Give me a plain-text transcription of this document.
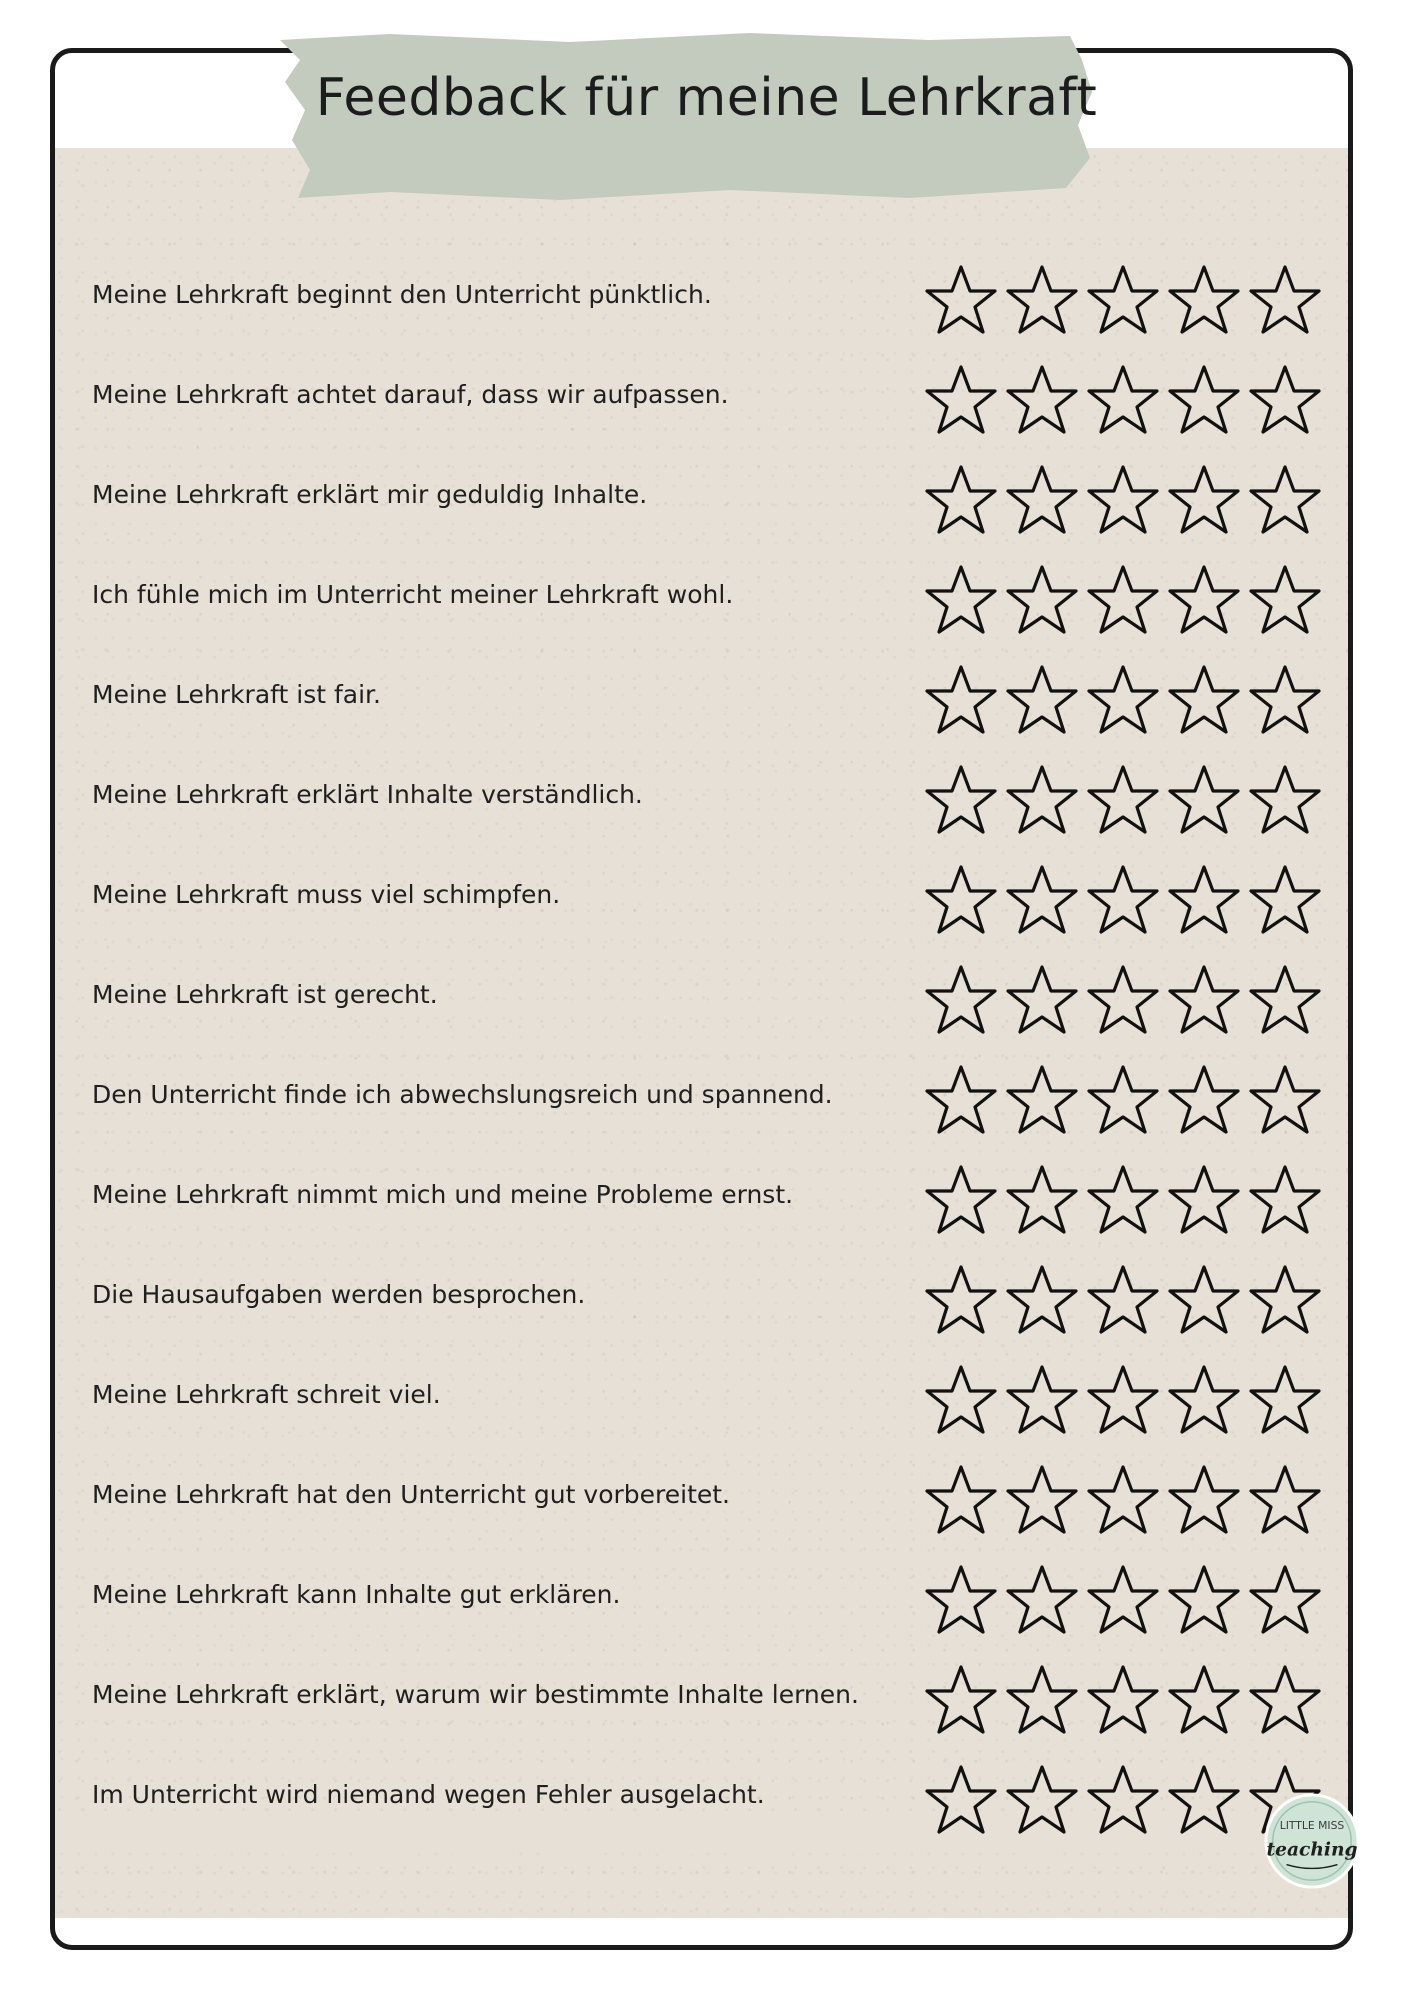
Feedback für meine Lehrkraft
Meine Lehrkraft beginnt den Unterricht pünktlich.
Meine Lehrkraft achtet darauf, dass wir aufpassen.
Meine Lehrkraft erklärt mir geduldig Inhalte.
Ich fühle mich im Unterricht meiner Lehrkraft wohl.
Meine Lehrkraft ist fair.
Meine Lehrkraft erklärt Inhalte verständlich.
Meine Lehrkraft muss viel schimpfen.
Meine Lehrkraft ist gerecht.
Den Unterricht finde ich abwechslungsreich und spannend.
Meine Lehrkraft nimmt mich und meine Probleme ernst.
Die Hausaufgaben werden besprochen.
Meine Lehrkraft schreit viel.
Meine Lehrkraft hat den Unterricht gut vorbereitet.
Meine Lehrkraft kann Inhalte gut erklären.
Meine Lehrkraft erklärt, warum wir bestimmte Inhalte lernen.
Im Unterricht wird niemand wegen Fehler ausgelacht.
LITTLE MISS
teaching
